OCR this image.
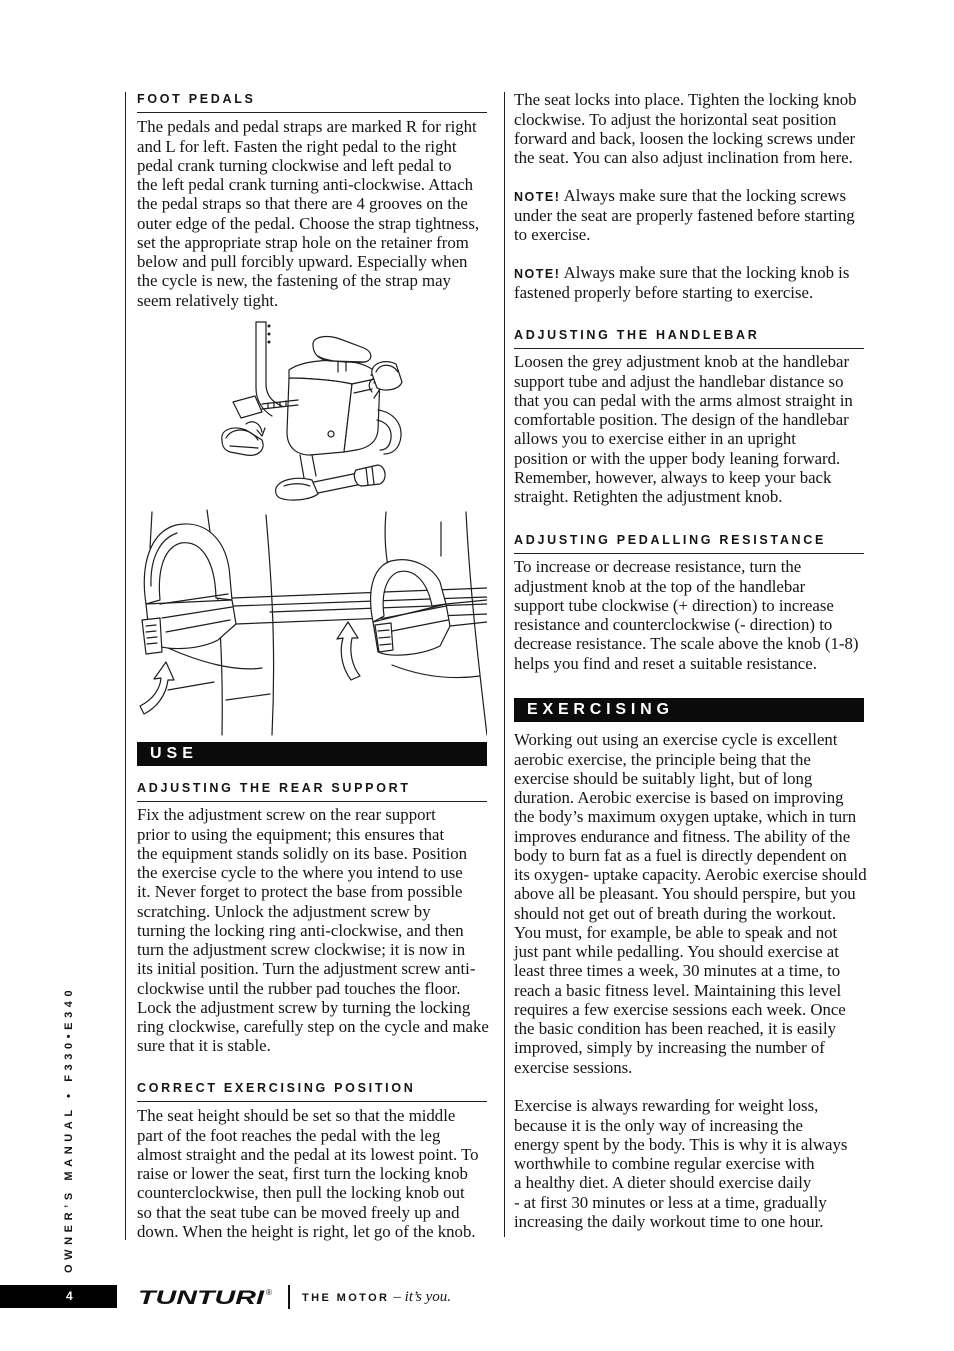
FOOT PEDALS
The pedals and pedal straps are marked R for right
and L for left. Fasten the right pedal to the right
pedal crank turning clockwise and left pedal to
the left pedal crank turning anti-clockwise. Attach
the pedal straps so that there are 4 grooves on the
outer edge of the pedal. Choose the strap tightness,
set the appropriate strap hole on the retainer from
below and pull forcibly upward. Especially when
the cycle is new, the fastening of the strap may
seem relatively tight.
USE
ADJUSTING THE REAR SUPPORT
Fix the adjustment screw on the rear support
prior to using the equipment; this ensures that
the equipment stands solidly on its base. Position
the exercise cycle to the where you intend to use
it. Never forget to protect the base from possible
scratching. Unlock the adjustment screw by
turning the locking ring anti-clockwise, and then
turn the adjustment screw clockwise; it is now in
its initial position. Turn the adjustment screw anti-
clockwise until the rubber pad touches the floor.
Lock the adjustment screw by turning the locking
ring clockwise, carefully step on the cycle and make
sure that it is stable.
CORRECT EXERCISING POSITION
The seat height should be set so that the middle
part of the foot reaches the pedal with the leg
almost straight and the pedal at its lowest point. To
raise or lower the seat, first turn the locking knob
counterclockwise, then pull the locking knob out
so that the seat tube can be moved freely up and
down. When the height is right, let go of the knob.
The seat locks into place. Tighten the locking knob
clockwise. To adjust the horizontal seat position
forward and back, loosen the locking screws under
the seat. You can also adjust inclination from here.
NOTE! Always make sure that the locking screws
under the seat are properly fastened before starting
to exercise.
NOTE! Always make sure that the locking knob is
fastened properly before starting to exercise.
ADJUSTING THE HANDLEBAR
Loosen the grey adjustment knob at the handlebar
support tube and adjust the handlebar distance so
that you can pedal with the arms almost straight in
comfortable position. The design of the handlebar
allows you to exercise either in an upright
position or with the upper body leaning forward.
Remember, however, always to keep your back
straight. Retighten the adjustment knob.
ADJUSTING PEDALLING RESISTANCE
To increase or decrease resistance, turn the
adjustment knob at the top of the handlebar
support tube clockwise (+ direction) to increase
resistance and counterclockwise (- direction) to
decrease resistance. The scale above the knob (1-8)
helps you find and reset a suitable resistance.
EXERCISING
Working out using an exercise cycle is excellent
aerobic exercise, the principle being that the
exercise should be suitably light, but of long
duration. Aerobic exercise is based on improving
the body’s maximum oxygen uptake, which in turn
improves endurance and fitness. The ability of the
body to burn fat as a fuel is directly dependent on
its oxygen- uptake capacity. Aerobic exercise should
above all be pleasant. You should perspire, but you
should not get out of breath during the workout.
You must, for example, be able to speak and not
just pant while pedalling. You should exercise at
least three times a week, 30 minutes at a time, to
reach a basic fitness level. Maintaining this level
requires a few exercise sessions each week. Once
the basic condition has been reached, it is easily
improved, simply by increasing the number of
exercise sessions.
Exercise is always rewarding for weight loss,
because it is the only way of increasing the
energy spent by the body. This is why it is always
worthwhile to combine regular exercise with
a healthy diet. A dieter should exercise daily
- at first 30 minutes or less at a time, gradually
increasing the daily workout time to one hour.
OWNER’S MANUAL • F330•E340
4	TUNTURI ®	THE MOTOR – it’s you.
